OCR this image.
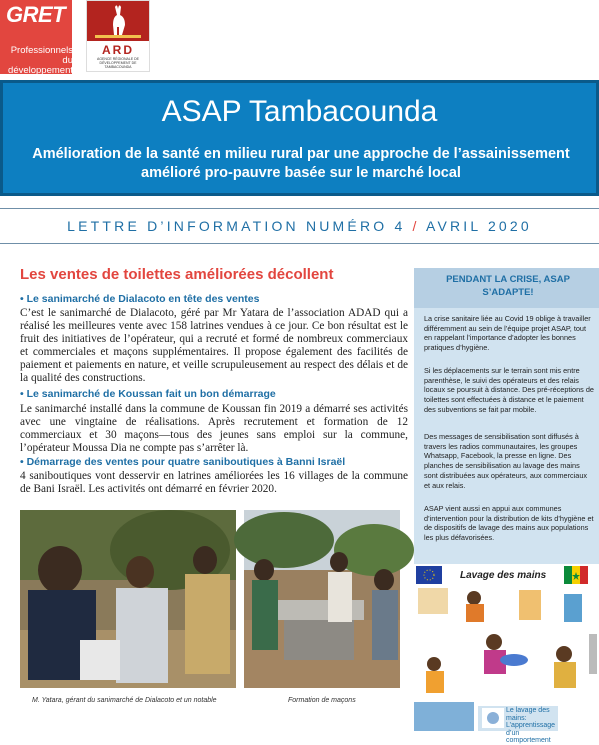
GRET
Professionnels du développement
ARD
AGENCE RÉGIONALE DE DÉVELOPPEMENT DE TAMBACOUNDA
ASAP Tambacounda
Amélioration de la santé en milieu rural par une approche de l’assainissement amélioré pro-pauvre basée sur le marché local
LETTRE D’INFORMATION NUMÉRO 4 / AVRIL 2020
Les ventes de toilettes améliorées décollent
• Le sanimarché de Dialacoto en tête des ventes
C’est le sanimarché de Dialacoto, géré par Mr Yatara de l’association ADAD qui a réalisé les meilleures vente avec 158 latrines vendues à ce jour. Ce bon résultat est le fruit des initiatives de l’opérateur, qui a recruté et formé de nombreux commerciaux et commerciales et maçons supplémentaires. Il propose également des facilités de paiement et paiements en nature, et veille scrupuleusement au respect des délais et de la qualité des constructions.
• Le sanimarché de Koussan fait un bon démarrage
Le sanimarché installé dans la commune de Koussan fin 2019 a démarré ses activités avec une vingtaine de réalisations. Après recrutement et formation de 12 commerciaux et 30 maçons—tous des jeunes sans emploi sur la commune, l’opérateur Moussa Dia ne compte pas s’arrêter là.
• Démarrage des ventes pour quatre saniboutiques à Banni Israël
4 saniboutiques vont desservir en latrines améliorées les 16 villages de la commune de Bani Israël. Les activités ont démarré en février 2020.
M. Yatara, gérant du sanimarché de Dialacoto et un notable	Formation de maçons
PENDANT LA CRISE, ASAP S’ADAPTE!
La crise sanitaire liée au Covid 19 oblige à travailler différemment au sein de l’équipe projet ASAP, tout en rappelant l’importance d’adopter les bonnes pratiques d’hygiène.
Si les déplacements sur le terrain sont mis entre parenthèse, le suivi des opérateurs et des relais locaux se poursuit à distance. Des pré-réceptions de toilettes sont effectuées à distance et le paiement des subventions se fait par mobile.
Des messages de sensibilisation sont diffusés à travers les radios communautaires, les groupes Whatsapp, Facebook, la presse en ligne. Des planches de sensibilisation au lavage des mains sont distribuées aux opérateurs, aux commerciaux et aux relais.
ASAP vient aussi en appui aux communes d’intervention pour la distribution de kits d’hygiène et de dispositifs de lavage des mains aux populations les plus défavorisées.
Lavage des mains
Le lavage des mains: L’apprentissage d’un comportement
